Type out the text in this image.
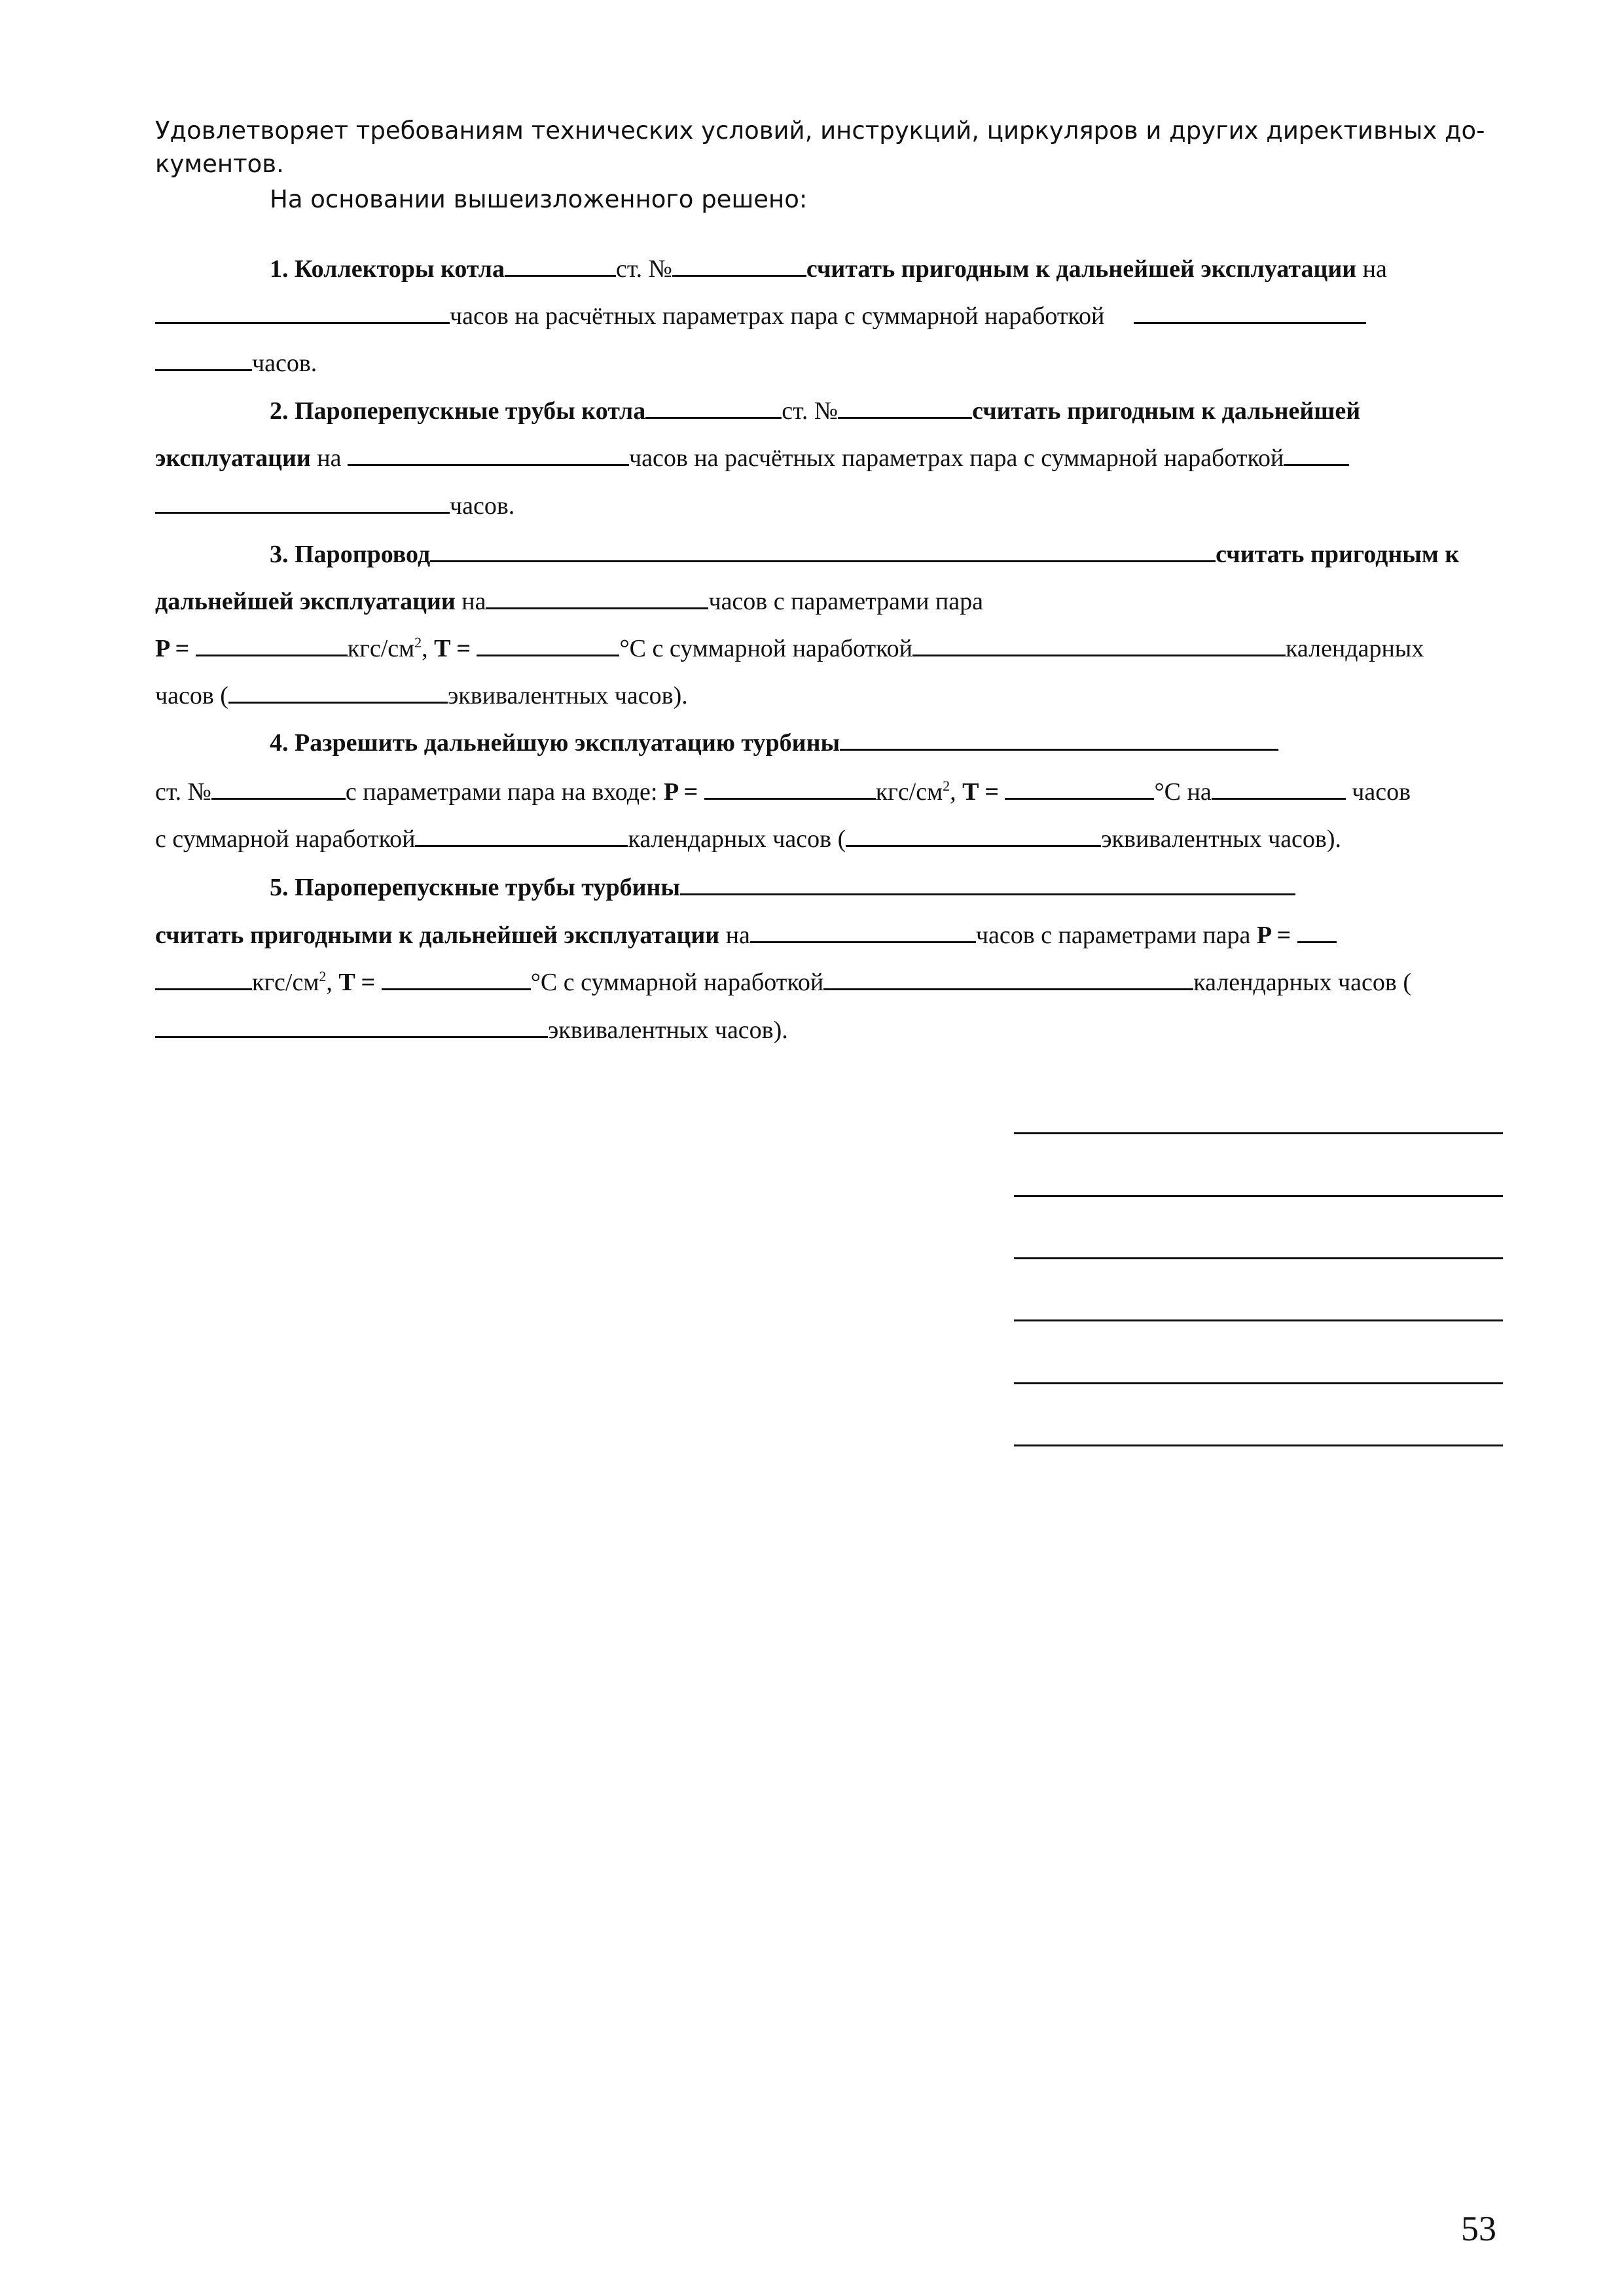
Удовлетворяет требованиям технических условий, инструкций, циркуляров и других директивных до-
кументов.
На основании вышеизложенного решено:
1. Коллекторы котла	ст. №	считать пригодным к дальнейшей эксплуатации на
часов на расчётных параметрах пара с суммарной наработкой
часов.
2. Пароперепускные трубы котла	ст. №	считать пригодным к дальнейшей
эксплуатации на	часов на расчётных параметрах пара с суммарной наработкой
часов.
3. Паропровод	считать пригодным к
дальнейшей эксплуатации на	часов с параметрами пара
P =	кгс/$см^2$, T =	°C с суммарной наработкой	календарных
часов (	эквивалентных часов).
4. Разрешить дальнейшую эксплуатацию турбины
ст. №	с параметрами пара на входе: P =	кгс/$см^2$, T =	°C на	часов
с суммарной наработкой	календарных часов (	эквивалентных часов).
5. Пароперепускные трубы турбины
считать пригодными к дальнейшей эксплуатации на	часов с параметрами пара P =
кгс/$см^2$, T =	°C с суммарной наработкой	календарных часов (
эквивалентных часов).
53
